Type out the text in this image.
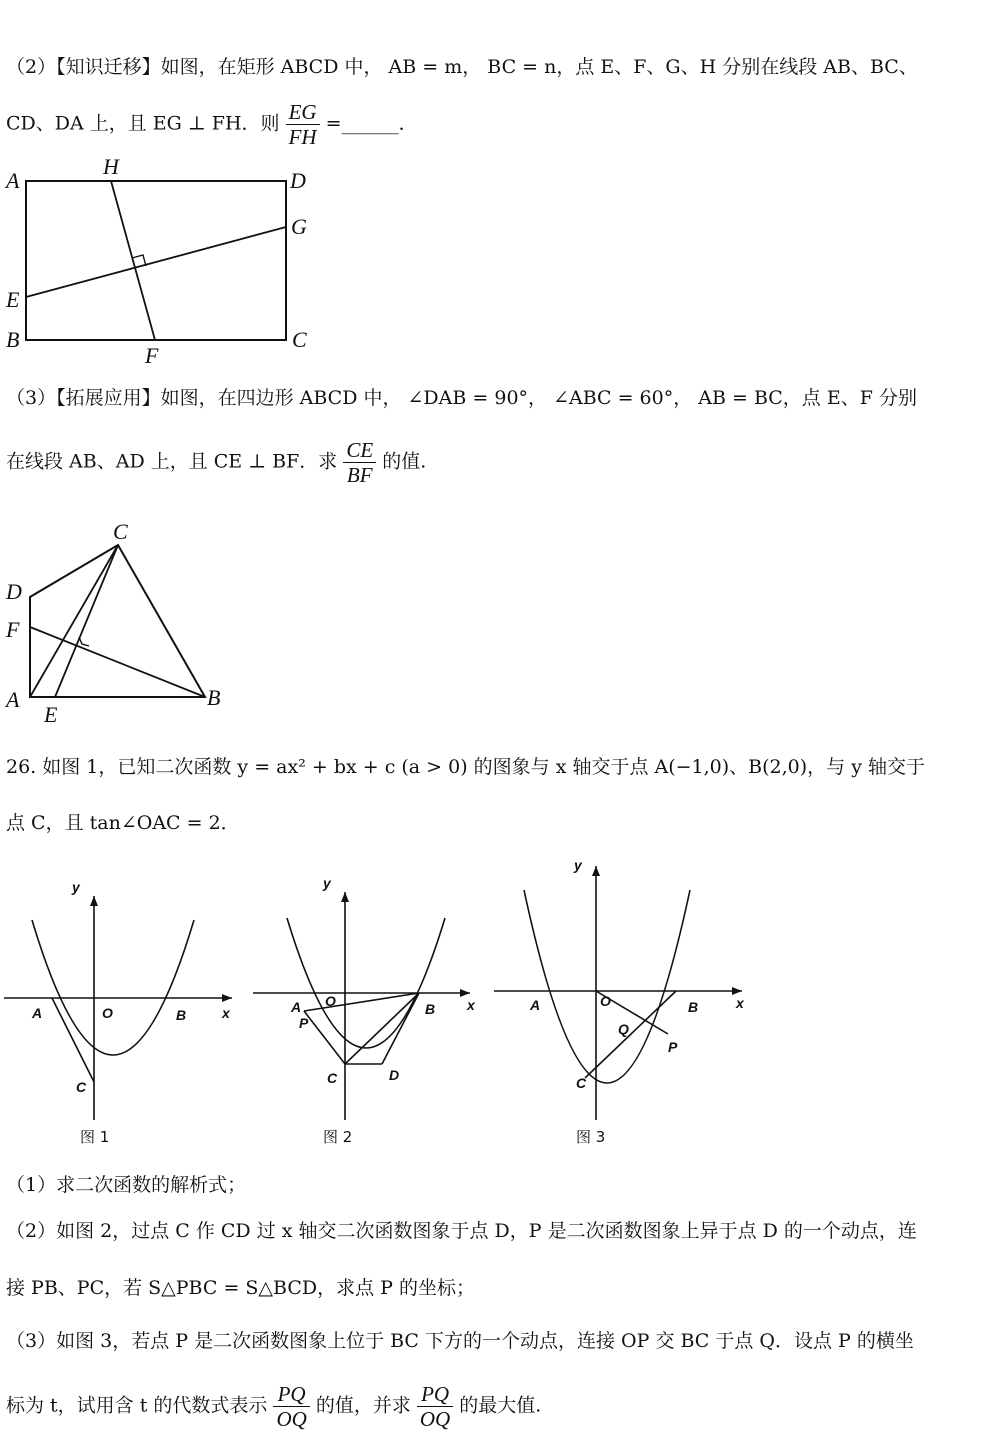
（2）【知识迁移】如图，在矩形 ABCD 中， AB = m， BC = n，点 E、F、G、H 分别在线段 AB、BC、
CD、DA 上，且 EG ⊥ FH．则 $\frac{EG}{FH}$ =______．
A
H
D
G
E
B
F
C
（3）【拓展应用】如图，在四边形 ABCD 中， ∠DAB = 90°， ∠ABC = 60°， AB = BC，点 E、F 分别
在线段 AB、AD 上，且 CE ⊥ BF．求 $\frac{CE}{BF}$ 的值.
C
D
F
A
E
B
26. 如图 1，已知二次函数 y = ax² + bx + c (a > 0) 的图象与 x 轴交于点 A(−1,0)、B(2,0)，与 y 轴交于
点 C，且 tan∠OAC = 2．
y
x
A	O	B
C
图 1
y
x
A O	B
P
C	D
图 2
y
x
A	O	B
Q
P
C
图 3
（1）求二次函数的解析式；
（2）如图 2，过点 C 作 CD 过 x 轴交二次函数图象于点 D，P 是二次函数图象上异于点 D 的一个动点，连
接 PB、PC，若 S△PBC = S△BCD，求点 P 的坐标；
（3）如图 3，若点 P 是二次函数图象上位于 BC 下方的一个动点，连接 OP 交 BC 于点 Q．设点 P 的横坐
标为 t，试用含 t 的代数式表示 $\frac{PQ}{OQ}$ 的值，并求 $\frac{PQ}{OQ}$ 的最大值.
